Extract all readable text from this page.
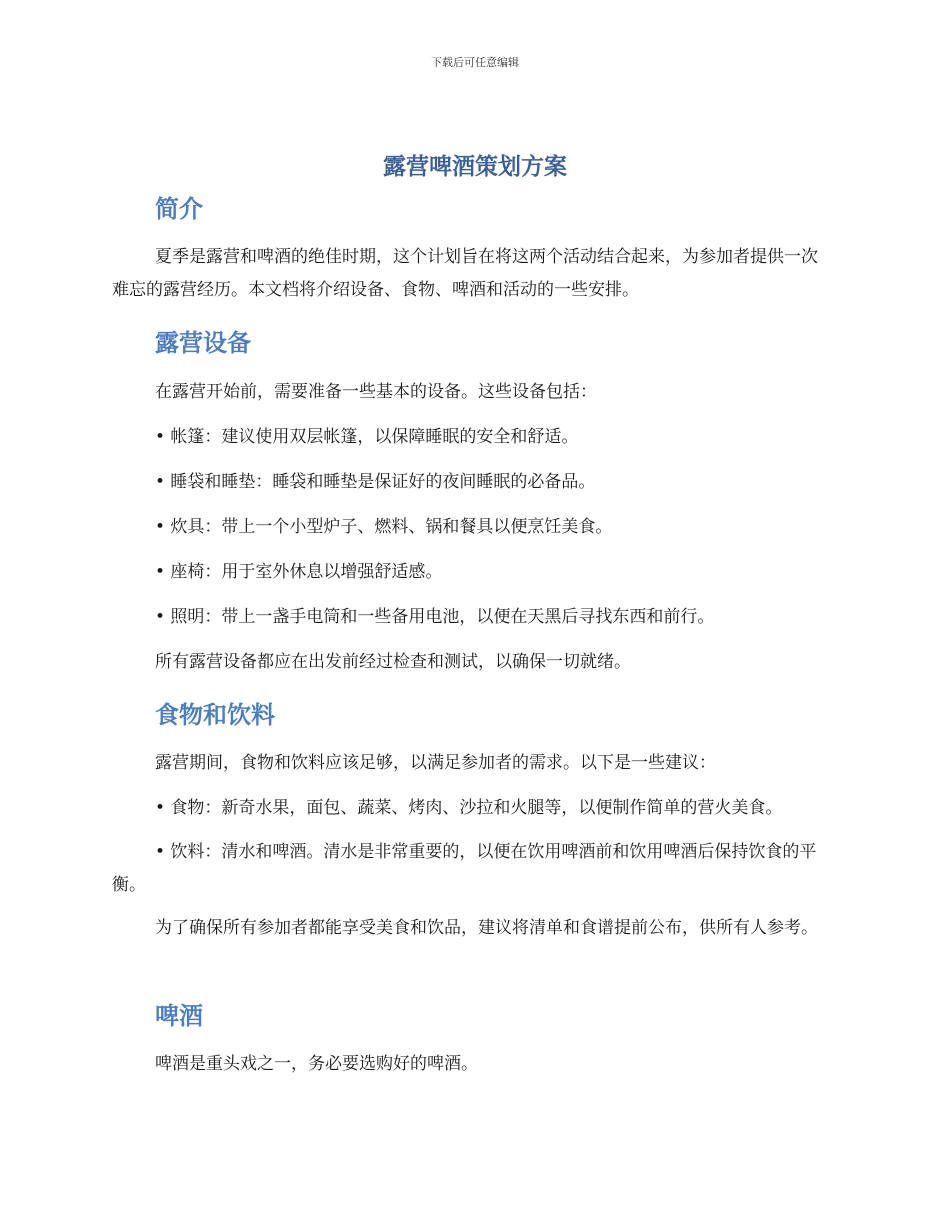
下载后可任意编辑
露营啤酒策划方案
简介

夏季是露营和啤酒的绝佳时期，这个计划旨在将这两个活动结合起来，为参加者提供一次难忘的露营经历。本文档将介绍设备、食物、啤酒和活动的一些安排。

露营设备

在露营开始前，需要准备一些基本的设备。这些设备包括：

• 帐篷：建议使用双层帐篷，以保障睡眠的安全和舒适。

• 睡袋和睡垫：睡袋和睡垫是保证好的夜间睡眠的必备品。

• 炊具：带上一个小型炉子、燃料、锅和餐具以便烹饪美食。

• 座椅：用于室外休息以增强舒适感。

• 照明：带上一盏手电筒和一些备用电池，以便在天黑后寻找东西和前行。

所有露营设备都应在出发前经过检查和测试，以确保一切就绪。

食物和饮料

露营期间，食物和饮料应该足够，以满足参加者的需求。以下是一些建议：

• 食物：新奇水果，面包、蔬菜、烤肉、沙拉和火腿等，以便制作简单的营火美食。

• 饮料：清水和啤酒。清水是非常重要的，以便在饮用啤酒前和饮用啤酒后保持饮食的平衡。

为了确保所有参加者都能享受美食和饮品，建议将清单和食谱提前公布，供所有人参考。

啤酒

啤酒是重头戏之一，务必要选购好的啤酒。
